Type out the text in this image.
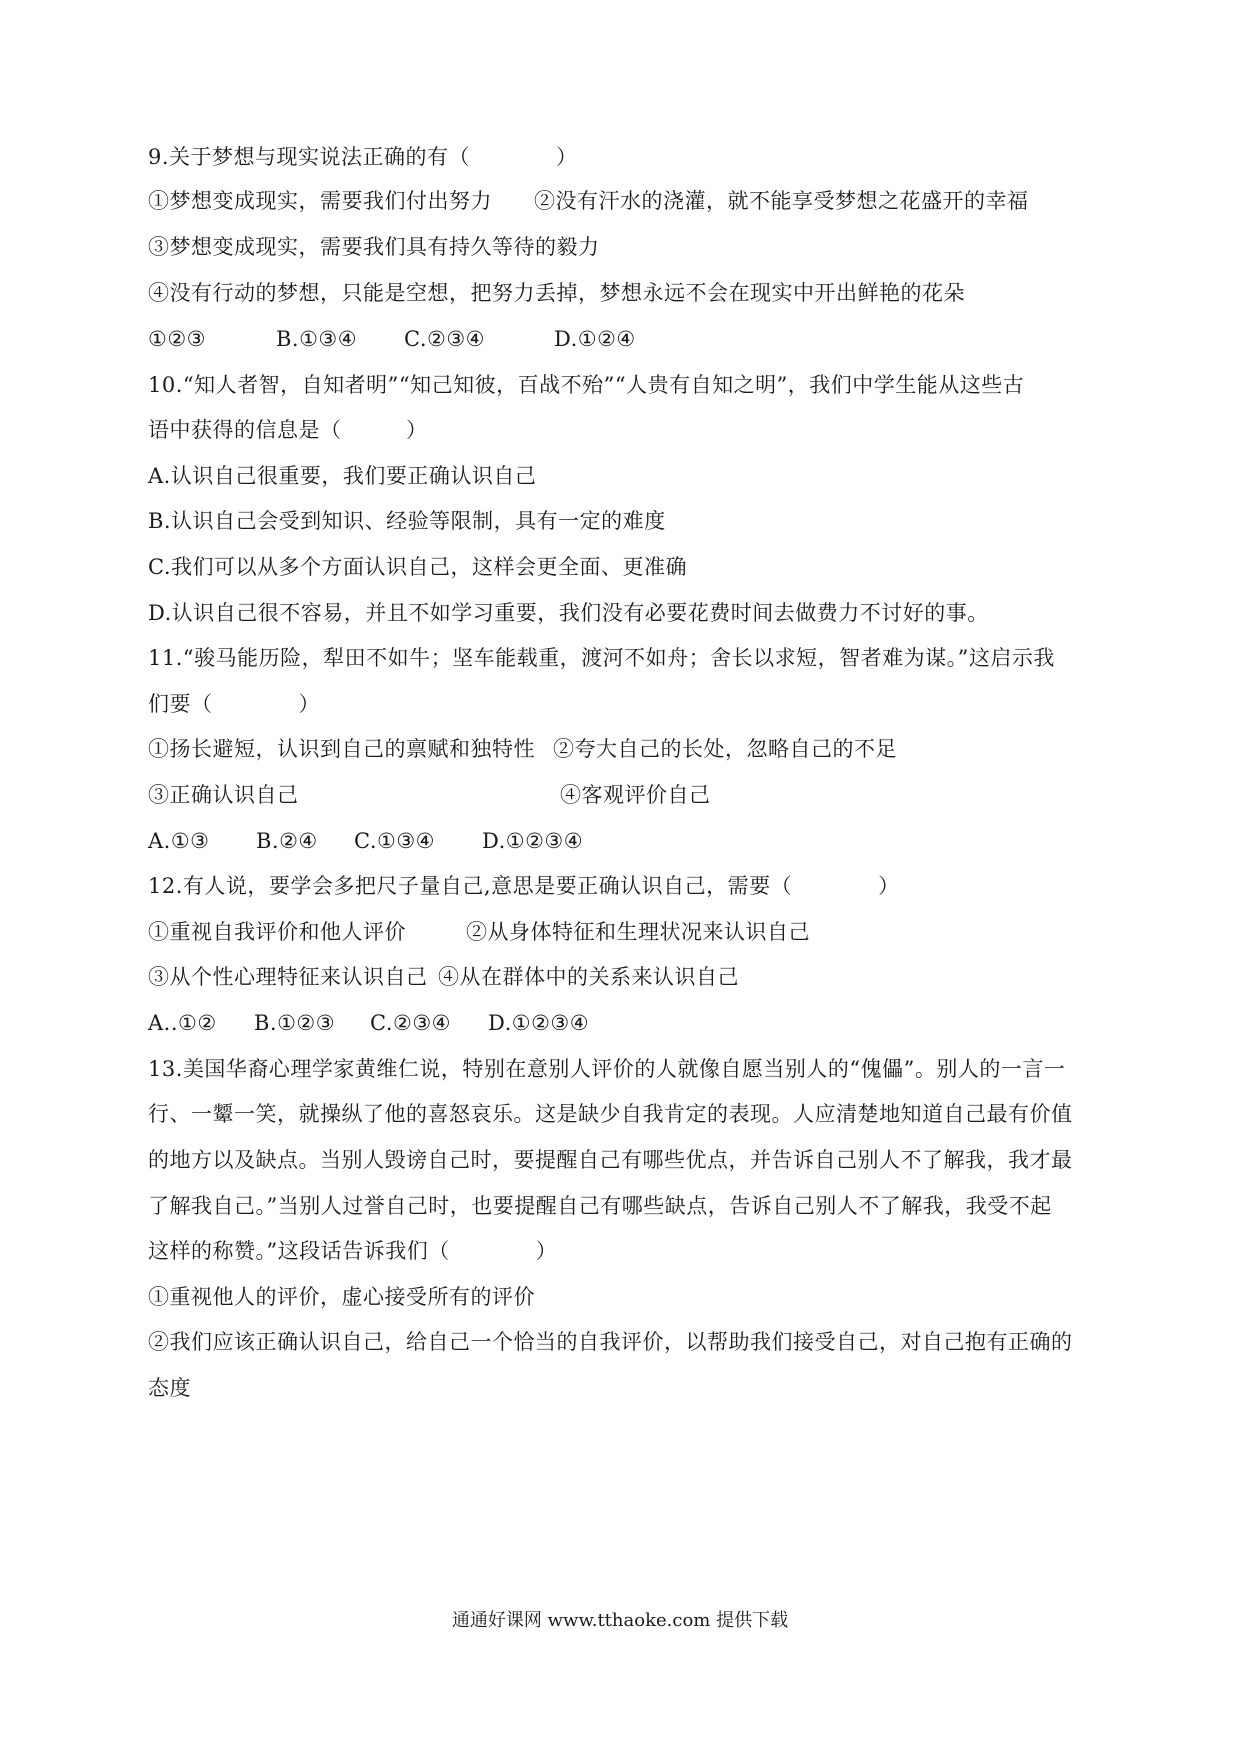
9.关于梦想与现实说法正确的有（　　　　）
①梦想变成现实，需要我们付出努力 ②没有汗水的浇灌，就不能享受梦想之花盛开的幸福
③梦想变成现实，需要我们具有持久等待的毅力
④没有行动的梦想，只能是空想，把努力丢掉，梦想永远不会在现实中开出鲜艳的花朵
①②③	B.①③④ C.②③④	D.①②④
10.“知人者智，自知者明”“知己知彼，百战不殆”“人贵有自知之明”，我们中学生能从这些古
语中获得的信息是（　　　）
A.认识自己很重要，我们要正确认识自己
B.认识自己会受到知识、经验等限制，具有一定的难度
C.我们可以从多个方面认识自己，这样会更全面、更准确
D.认识自己很不容易，并且不如学习重要，我们没有必要花费时间去做费力不讨好的事。
11.“骏马能历险，犁田不如牛；坚车能载重，渡河不如舟；舍长以求短，智者难为谋。”这启示我
们要（　　　　）
①扬长避短，认识到自己的禀赋和独特性 ②夸大自己的长处，忽略自己的不足
③正确认识自己	④客观评价自己
A.①③ B.②④ C.①③④ D.①②③④
12.有人说，要学会多把尺子量自己,意思是要正确认识自己，需要（　　　　）
①重视自我评价和他人评价	②从身体特征和生理状况来认识自己
③从个性心理特征来认识自己 ④从在群体中的关系来认识自己
A..①② B.①②③ C.②③④ D.①②③④
13.美国华裔心理学家黄维仁说，特别在意别人评价的人就像自愿当别人的“傀儡”。别人的一言一
行、一颦一笑，就操纵了他的喜怒哀乐。这是缺少自我肯定的表现。人应清楚地知道自己最有价值
的地方以及缺点。当别人毁谤自己时，要提醒自己有哪些优点，并告诉自己别人不了解我，我才最
了解我自己。”当别人过誉自己时，也要提醒自己有哪些缺点，告诉自己别人不了解我，我受不起
这样的称赞。”这段话告诉我们（　　　　）
①重视他人的评价，虚心接受所有的评价
②我们应该正确认识自己，给自己一个恰当的自我评价，以帮助我们接受自己，对自己抱有正确的
态度
通通好课网 www.tthaoke.com 提供下载
